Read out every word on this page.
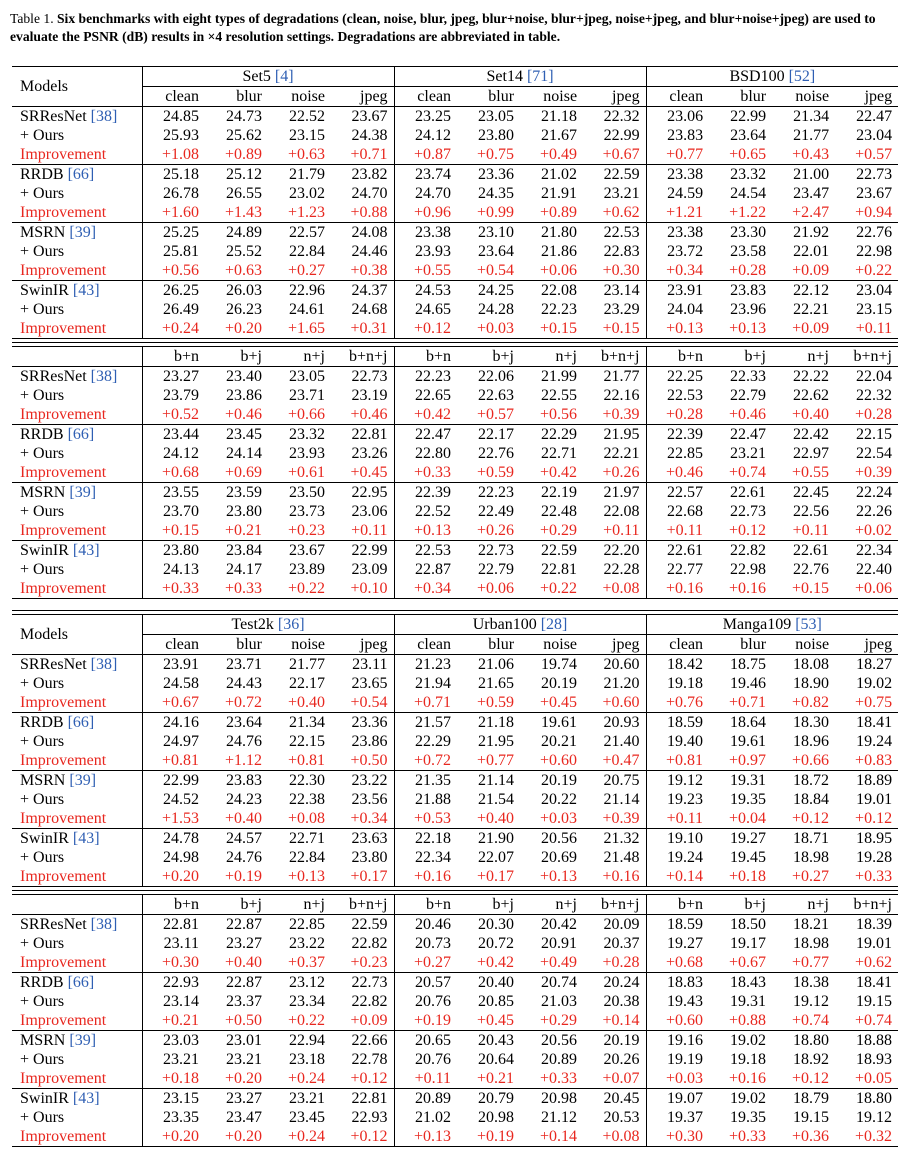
Table 1. Six benchmarks with eight types of degradations (clean, noise, blur, jpeg, blur+noise, blur+jpeg, noise+jpeg, and blur+noise+jpeg) are used to evaluate the PSNR (dB) results in ×4 resolution settings. Degradations are abbreviated in table.
Models	Set5 [4]				Set14 [71]				BSD100 [52]			
	clean	blur	noise	jpeg	clean	blur	noise	jpeg	clean	blur	noise	jpeg
SRResNet [38]	24.85	24.73	22.52	23.67	23.25	23.05	21.18	22.32	23.06	22.99	21.34	22.47
+ Ours	25.93	25.62	23.15	24.38	24.12	23.80	21.67	22.99	23.83	23.64	21.77	23.04
Improvement	+1.08	+0.89	+0.63	+0.71	+0.87	+0.75	+0.49	+0.67	+0.77	+0.65	+0.43	+0.57
RRDB [66]	25.18	25.12	21.79	23.82	23.74	23.36	21.02	22.59	23.38	23.32	21.00	22.73
+ Ours	26.78	26.55	23.02	24.70	24.70	24.35	21.91	23.21	24.59	24.54	23.47	23.67
Improvement	+1.60	+1.43	+1.23	+0.88	+0.96	+0.99	+0.89	+0.62	+1.21	+1.22	+2.47	+0.94
MSRN [39]	25.25	24.89	22.57	24.08	23.38	23.10	21.80	22.53	23.38	23.30	21.92	22.76
+ Ours	25.81	25.52	22.84	24.46	23.93	23.64	21.86	22.83	23.72	23.58	22.01	22.98
Improvement	+0.56	+0.63	+0.27	+0.38	+0.55	+0.54	+0.06	+0.30	+0.34	+0.28	+0.09	+0.22
SwinIR [43]	26.25	26.03	22.96	24.37	24.53	24.25	22.08	23.14	23.91	23.83	22.12	23.04
+ Ours	26.49	26.23	24.61	24.68	24.65	24.28	22.23	23.29	24.04	23.96	22.21	23.15
Improvement	+0.24	+0.20	+1.65	+0.31	+0.12	+0.03	+0.15	+0.15	+0.13	+0.13	+0.09	+0.11
	b+n	b+j	n+j	b+n+j	b+n	b+j	n+j	b+n+j	b+n	b+j	n+j	b+n+j
SRResNet [38]	23.27	23.40	23.05	22.73	22.23	22.06	21.99	21.77	22.25	22.33	22.22	22.04
+ Ours	23.79	23.86	23.71	23.19	22.65	22.63	22.55	22.16	22.53	22.79	22.62	22.32
Improvement	+0.52	+0.46	+0.66	+0.46	+0.42	+0.57	+0.56	+0.39	+0.28	+0.46	+0.40	+0.28
RRDB [66]	23.44	23.45	23.32	22.81	22.47	22.17	22.29	21.95	22.39	22.47	22.42	22.15
+ Ours	24.12	24.14	23.93	23.26	22.80	22.76	22.71	22.21	22.85	23.21	22.97	22.54
Improvement	+0.68	+0.69	+0.61	+0.45	+0.33	+0.59	+0.42	+0.26	+0.46	+0.74	+0.55	+0.39
MSRN [39]	23.55	23.59	23.50	22.95	22.39	22.23	22.19	21.97	22.57	22.61	22.45	22.24
+ Ours	23.70	23.80	23.73	23.06	22.52	22.49	22.48	22.08	22.68	22.73	22.56	22.26
Improvement	+0.15	+0.21	+0.23	+0.11	+0.13	+0.26	+0.29	+0.11	+0.11	+0.12	+0.11	+0.02
SwinIR [43]	23.80	23.84	23.67	22.99	22.53	22.73	22.59	22.20	22.61	22.82	22.61	22.34
+ Ours	24.13	24.17	23.89	23.09	22.87	22.79	22.81	22.28	22.77	22.98	22.76	22.40
Improvement	+0.33	+0.33	+0.22	+0.10	+0.34	+0.06	+0.22	+0.08	+0.16	+0.16	+0.15	+0.06
Models	Test2k [36]				Urban100 [28]				Manga109 [53]			
	clean	blur	noise	jpeg	clean	blur	noise	jpeg	clean	blur	noise	jpeg
SRResNet [38]	23.91	23.71	21.77	23.11	21.23	21.06	19.74	20.60	18.42	18.75	18.08	18.27
+ Ours	24.58	24.43	22.17	23.65	21.94	21.65	20.19	21.20	19.18	19.46	18.90	19.02
Improvement	+0.67	+0.72	+0.40	+0.54	+0.71	+0.59	+0.45	+0.60	+0.76	+0.71	+0.82	+0.75
RRDB [66]	24.16	23.64	21.34	23.36	21.57	21.18	19.61	20.93	18.59	18.64	18.30	18.41
+ Ours	24.97	24.76	22.15	23.86	22.29	21.95	20.21	21.40	19.40	19.61	18.96	19.24
Improvement	+0.81	+1.12	+0.81	+0.50	+0.72	+0.77	+0.60	+0.47	+0.81	+0.97	+0.66	+0.83
MSRN [39]	22.99	23.83	22.30	23.22	21.35	21.14	20.19	20.75	19.12	19.31	18.72	18.89
+ Ours	24.52	24.23	22.38	23.56	21.88	21.54	20.22	21.14	19.23	19.35	18.84	19.01
Improvement	+1.53	+0.40	+0.08	+0.34	+0.53	+0.40	+0.03	+0.39	+0.11	+0.04	+0.12	+0.12
SwinIR [43]	24.78	24.57	22.71	23.63	22.18	21.90	20.56	21.32	19.10	19.27	18.71	18.95
+ Ours	24.98	24.76	22.84	23.80	22.34	22.07	20.69	21.48	19.24	19.45	18.98	19.28
Improvement	+0.20	+0.19	+0.13	+0.17	+0.16	+0.17	+0.13	+0.16	+0.14	+0.18	+0.27	+0.33
	b+n	b+j	n+j	b+n+j	b+n	b+j	n+j	b+n+j	b+n	b+j	n+j	b+n+j
SRResNet [38]	22.81	22.87	22.85	22.59	20.46	20.30	20.42	20.09	18.59	18.50	18.21	18.39
+ Ours	23.11	23.27	23.22	22.82	20.73	20.72	20.91	20.37	19.27	19.17	18.98	19.01
Improvement	+0.30	+0.40	+0.37	+0.23	+0.27	+0.42	+0.49	+0.28	+0.68	+0.67	+0.77	+0.62
RRDB [66]	22.93	22.87	23.12	22.73	20.57	20.40	20.74	20.24	18.83	18.43	18.38	18.41
+ Ours	23.14	23.37	23.34	22.82	20.76	20.85	21.03	20.38	19.43	19.31	19.12	19.15
Improvement	+0.21	+0.50	+0.22	+0.09	+0.19	+0.45	+0.29	+0.14	+0.60	+0.88	+0.74	+0.74
MSRN [39]	23.03	23.01	22.94	22.66	20.65	20.43	20.56	20.19	19.16	19.02	18.80	18.88
+ Ours	23.21	23.21	23.18	22.78	20.76	20.64	20.89	20.26	19.19	19.18	18.92	18.93
Improvement	+0.18	+0.20	+0.24	+0.12	+0.11	+0.21	+0.33	+0.07	+0.03	+0.16	+0.12	+0.05
SwinIR [43]	23.15	23.27	23.21	22.81	20.89	20.79	20.98	20.45	19.07	19.02	18.79	18.80
+ Ours	23.35	23.47	23.45	22.93	21.02	20.98	21.12	20.53	19.37	19.35	19.15	19.12
Improvement	+0.20	+0.20	+0.24	+0.12	+0.13	+0.19	+0.14	+0.08	+0.30	+0.33	+0.36	+0.32
